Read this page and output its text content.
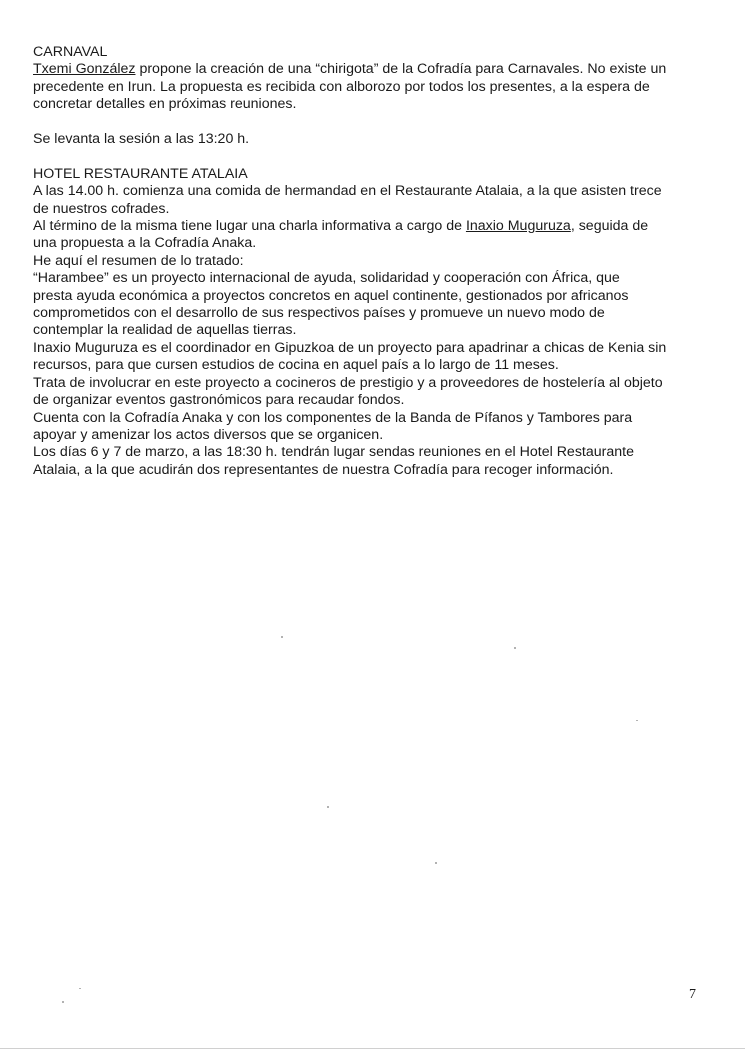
CARNAVAL

Txemi González propone la creación de una “chirigota” de la Cofradía para Carnavales. No existe un
precedente en Irun. La propuesta es recibida con alborozo por todos los presentes, a la espera de
concretar detalles en próximas reuniones.

Se levanta la sesión a las 13:20 h.

HOTEL RESTAURANTE ATALAIA

A las 14.00 h. comienza una comida de hermandad en el Restaurante Atalaia, a la que asisten trece
de nuestros cofrades.

Al término de la misma tiene lugar una charla informativa a cargo de Inaxio Muguruza, seguida de
una propuesta a la Cofradía Anaka.

He aquí el resumen de lo tratado:

“Harambee” es un proyecto internacional de ayuda, solidaridad y cooperación con África, que
presta ayuda económica a proyectos concretos en aquel continente, gestionados por africanos
comprometidos con el desarrollo de sus respectivos países y promueve un nuevo modo de
contemplar la realidad de aquellas tierras.

Inaxio Muguruza es el coordinador en Gipuzkoa de un proyecto para apadrinar a chicas de Kenia sin
recursos, para que cursen estudios de cocina en aquel país a lo largo de 11 meses.

Trata de involucrar en este proyecto a cocineros de prestigio y a proveedores de hostelería al objeto
de organizar eventos gastronómicos para recaudar fondos.

Cuenta con la Cofradía Anaka y con los componentes de la Banda de Pífanos y Tambores para
apoyar y amenizar los actos diversos que se organicen.

Los días 6 y 7 de marzo, a las 18:30 h. tendrán lugar sendas reuniones en el Hotel Restaurante
Atalaia, a la que acudirán dos representantes de nuestra Cofradía para recoger información.

7
